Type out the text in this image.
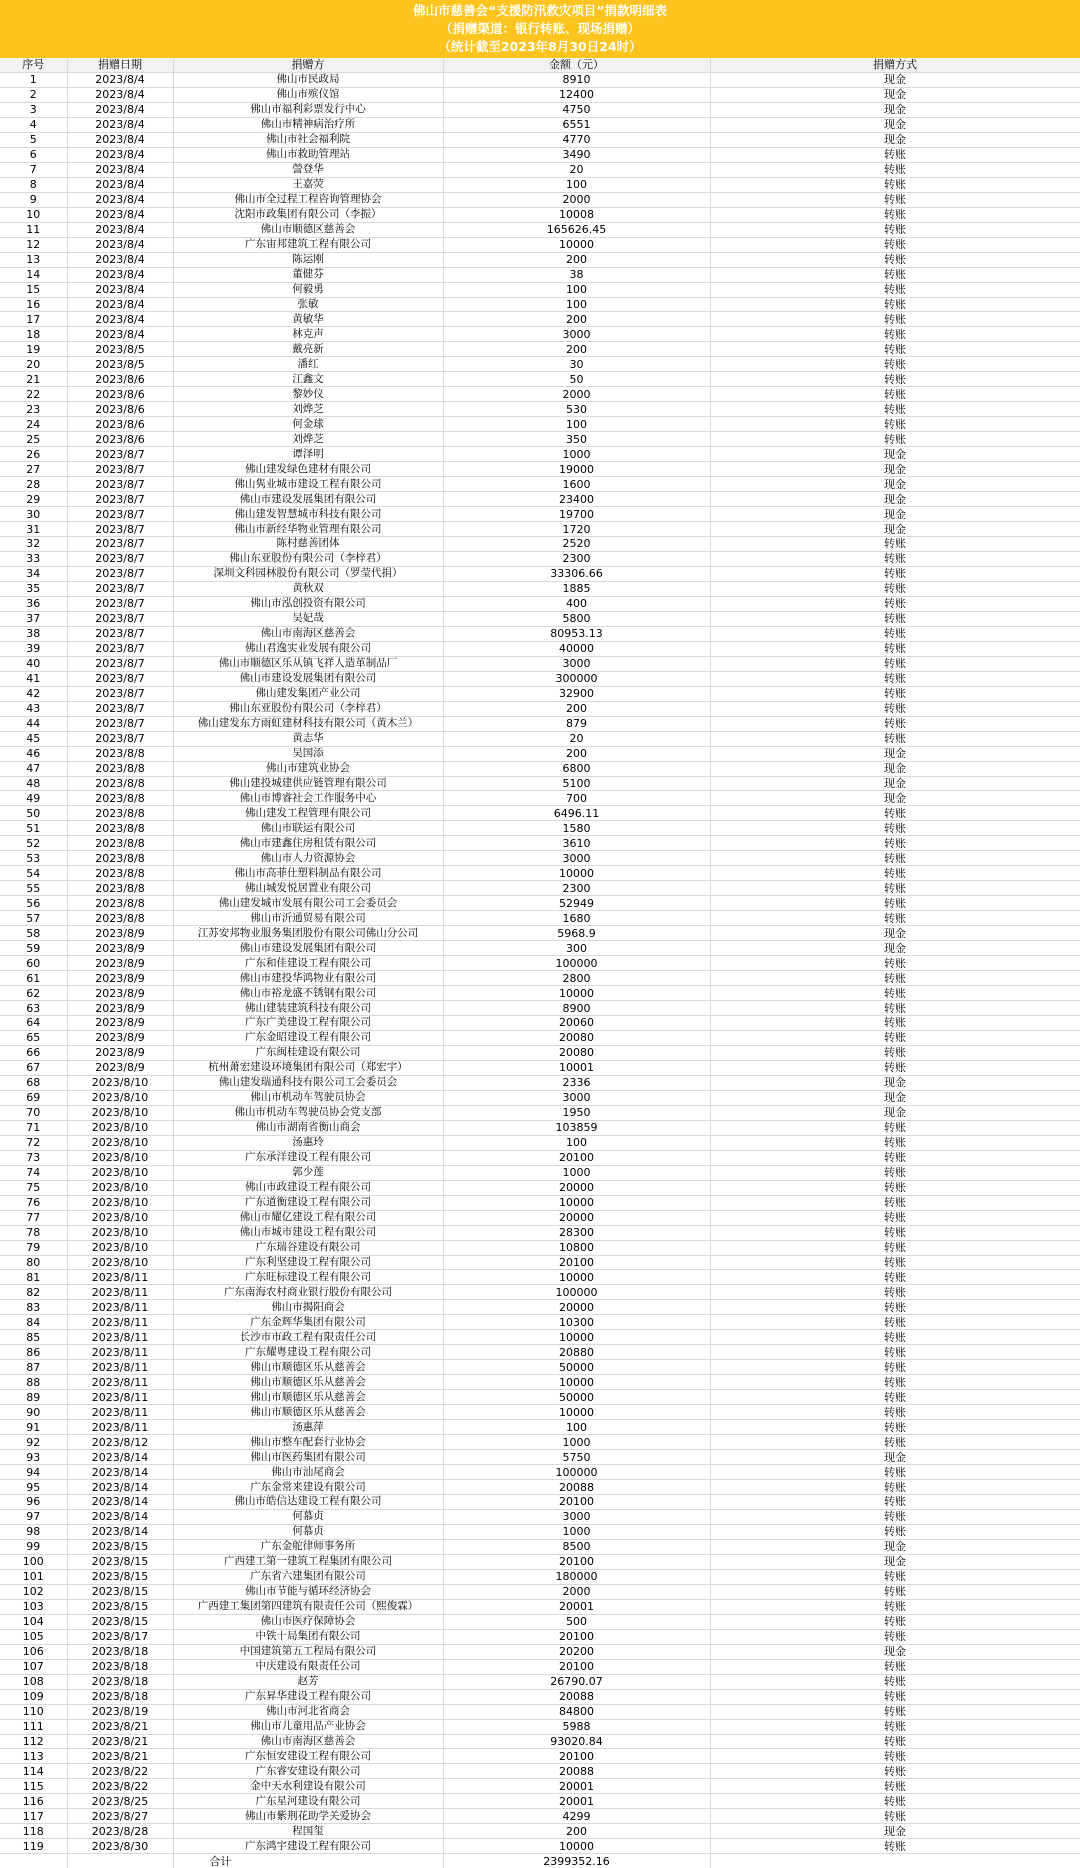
佛山市慈善会“支援防汛救灾项目”捐款明细表
（捐赠渠道：银行转账、现场捐赠）
（统计截至2023年8月30日24时）
序号	捐赠日期	捐赠方	金额（元）	捐赠方式
1	2023/8/4	佛山市民政局	8910	现金
2	2023/8/4	佛山市殡仪馆	12400	现金
3	2023/8/4	佛山市福利彩票发行中心	4750	现金
4	2023/8/4	佛山市精神病治疗所	6551	现金
5	2023/8/4	佛山市社会福利院	4770	现金
6	2023/8/4	佛山市救助管理站	3490	转账
7	2023/8/4	謍登华	20	转账
8	2023/8/4	王嘉荧	100	转账
9	2023/8/4	佛山市全过程工程咨询管理协会	2000	转账
10	2023/8/4	沈阳市政集团有限公司（李振）	10008	转账
11	2023/8/4	佛山市顺德区慈善会	165626.45	转账
12	2023/8/4	广东宙邦建筑工程有限公司	10000	转账
13	2023/8/4	陈运刚	200	转账
14	2023/8/4	董健芬	38	转账
15	2023/8/4	何毅勇	100	转账
16	2023/8/4	张敏	100	转账
17	2023/8/4	黄敏华	200	转账
18	2023/8/4	林克声	3000	转账
19	2023/8/5	戴亮新	200	转账
20	2023/8/5	潘红	30	转账
21	2023/8/6	江鑫文	50	转账
22	2023/8/6	黎妙仪	2000	转账
23	2023/8/6	刘烨芝	530	转账
24	2023/8/6	何金球	100	转账
25	2023/8/6	刘烨芝	350	转账
26	2023/8/7	谭泽明	1000	现金
27	2023/8/7	佛山建发绿色建材有限公司	19000	现金
28	2023/8/7	佛山隽业城市建设工程有限公司	1600	现金
29	2023/8/7	佛山市建设发展集团有限公司	23400	现金
30	2023/8/7	佛山建发智慧城市科技有限公司	19700	现金
31	2023/8/7	佛山市新经华物业管理有限公司	1720	现金
32	2023/8/7	陈村慈善团体	2520	转账
33	2023/8/7	佛山东亚股份有限公司（李梓君）	2300	转账
34	2023/8/7	深圳文科园林股份有限公司（罗莹代捐）	33306.66	转账
35	2023/8/7	黄秋双	1885	转账
36	2023/8/7	佛山市泓创投资有限公司	400	转账
37	2023/8/7	吴妃哉	5800	转账
38	2023/8/7	佛山市南海区慈善会	80953.13	转账
39	2023/8/7	佛山君逸实业发展有限公司	40000	转账
40	2023/8/7	佛山市顺德区乐从镇飞祥人造革制品厂	3000	转账
41	2023/8/7	佛山市建设发展集团有限公司	300000	转账
42	2023/8/7	佛山建发集团产业公司	32900	转账
43	2023/8/7	佛山东亚股份有限公司（李梓君）	200	转账
44	2023/8/7	佛山建发东方雨虹建材科技有限公司（黄木兰）	879	转账
45	2023/8/7	黄志华	20	转账
46	2023/8/8	吴国添	200	现金
47	2023/8/8	佛山市建筑业协会	6800	现金
48	2023/8/8	佛山建投城建供应链管理有限公司	5100	现金
49	2023/8/8	佛山市博睿社会工作服务中心	700	现金
50	2023/8/8	佛山建发工程管理有限公司	6496.11	转账
51	2023/8/8	佛山市联运有限公司	1580	转账
52	2023/8/8	佛山市建鑫住房租赁有限公司	3610	转账
53	2023/8/8	佛山市人力资源协会	3000	转账
54	2023/8/8	佛山市高菲仕塑料制品有限公司	10000	转账
55	2023/8/8	佛山城发悦居置业有限公司	2300	转账
56	2023/8/8	佛山建发城市发展有限公司工会委员会	52949	转账
57	2023/8/8	佛山市沂通贸易有限公司	1680	转账
58	2023/8/9	江苏安邦物业服务集团股份有限公司佛山分公司	5968.9	现金
59	2023/8/9	佛山市建设发展集团有限公司	300	现金
60	2023/8/9	广东和佳建设工程有限公司	100000	转账
61	2023/8/9	佛山市建投华鸿物业有限公司	2800	转账
62	2023/8/9	佛山市裕龙盛不锈钢有限公司	10000	转账
63	2023/8/9	佛山建装建筑科技有限公司	8900	转账
64	2023/8/9	广东广美建设工程有限公司	20060	转账
65	2023/8/9	广东金昭建设工程有限公司	20080	转账
66	2023/8/9	广东闽桂建设有限公司	20080	转账
67	2023/8/9	杭州萧宏建设环境集团有限公司（郑宏宇）	10001	转账
68	2023/8/10	佛山建发瑞通科技有限公司工会委员会	2336	现金
69	2023/8/10	佛山市机动车驾驶员协会	3000	现金
70	2023/8/10	佛山市机动车驾驶员协会党支部	1950	现金
71	2023/8/10	佛山市湖南省衡山商会	103859	转账
72	2023/8/10	汤惠玲	100	转账
73	2023/8/10	广东承洋建设工程有限公司	20100	转账
74	2023/8/10	郭少莲	1000	转账
75	2023/8/10	佛山市政建设工程有限公司	20000	转账
76	2023/8/10	广东道衡建设工程有限公司	10000	转账
77	2023/8/10	佛山市耀亿建设工程有限公司	20000	转账
78	2023/8/10	佛山市城市建设工程有限公司	28300	转账
79	2023/8/10	广东瑞谷建设有限公司	10800	转账
80	2023/8/10	广东利坚建设工程有限公司	20100	转账
81	2023/8/11	广东旺标建设工程有限公司	10000	转账
82	2023/8/11	广东南海农村商业银行股份有限公司	100000	转账
83	2023/8/11	佛山市揭阳商会	20000	转账
84	2023/8/11	广东金辉华集团有限公司	10300	转账
85	2023/8/11	长沙市市政工程有限责任公司	10000	转账
86	2023/8/11	广东耀粤建设工程有限公司	20880	转账
87	2023/8/11	佛山市顺德区乐从慈善会	50000	转账
88	2023/8/11	佛山市顺德区乐从慈善会	10000	转账
89	2023/8/11	佛山市顺德区乐从慈善会	50000	转账
90	2023/8/11	佛山市顺德区乐从慈善会	10000	转账
91	2023/8/11	汤惠萍	100	转账
92	2023/8/12	佛山市整车配套行业协会	1000	转账
93	2023/8/14	佛山市医药集团有限公司	5750	现金
94	2023/8/14	佛山市汕尾商会	100000	转账
95	2023/8/14	广东金常来建设有限公司	20088	转账
96	2023/8/14	佛山市皓信达建设工程有限公司	20100	转账
97	2023/8/14	何慕贞	3000	转账
98	2023/8/14	何慕贞	1000	转账
99	2023/8/15	广东金舵律师事务所	8500	现金
100	2023/8/15	广西建工第一建筑工程集团有限公司	20100	现金
101	2023/8/15	广东省六建集团有限公司	180000	转账
102	2023/8/15	佛山市节能与循环经济协会	2000	转账
103	2023/8/15	广西建工集团第四建筑有限责任公司（熙俊霖）	20001	转账
104	2023/8/15	佛山市医疗保障协会	500	转账
105	2023/8/17	中铁十局集团有限公司	20100	转账
106	2023/8/18	中国建筑第五工程局有限公司	20200	现金
107	2023/8/18	中庆建设有限责任公司	20100	转账
108	2023/8/18	赵芳	26790.07	转账
109	2023/8/18	广东昇华建设工程有限公司	20088	转账
110	2023/8/19	佛山市河北省商会	84800	转账
111	2023/8/21	佛山市儿童用品产业协会	5988	转账
112	2023/8/21	佛山市南海区慈善会	93020.84	转账
113	2023/8/21	广东恒安建设工程有限公司	20100	转账
114	2023/8/22	广东睿安建设有限公司	20088	转账
115	2023/8/22	金中天水利建设有限公司	20001	转账
116	2023/8/25	广东星河建设有限公司	20001	转账
117	2023/8/27	佛山市紫荆花助学关爱协会	4299	转账
118	2023/8/28	程国玺	200	现金
119	2023/8/30	广东鸿宇建设工程有限公司	10000	转账
		合计	2399352.16	
